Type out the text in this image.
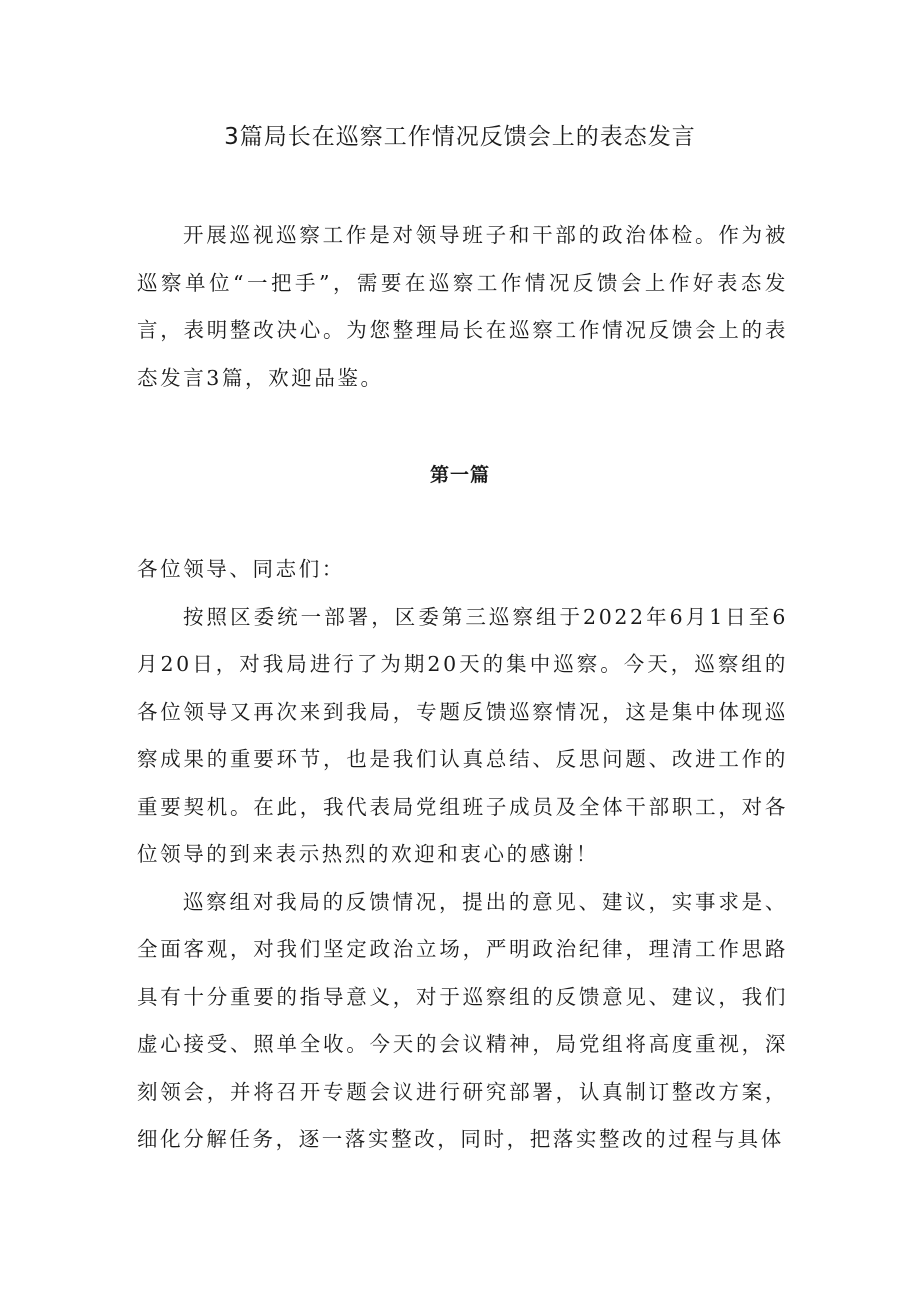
3篇局长在巡察工作情况反馈会上的表态发言

开展巡视巡察工作是对领导班子和干部的政治体检。作为被巡察单位“一把手”，需要在巡察工作情况反馈会上作好表态发言，表明整改决心。为您整理局长在巡察工作情况反馈会上的表态发言3篇，欢迎品鉴。

第一篇

各位领导、同志们：

按照区委统一部署，区委第三巡察组于2022年6月1日至6月20日，对我局进行了为期20天的集中巡察。今天，巡察组的各位领导又再次来到我局，专题反馈巡察情况，这是集中体现巡察成果的重要环节，也是我们认真总结、反思问题、改进工作的重要契机。在此，我代表局党组班子成员及全体干部职工，对各位领导的到来表示热烈的欢迎和衷心的感谢！

巡察组对我局的反馈情况，提出的意见、建议，实事求是、全面客观，对我们坚定政治立场，严明政治纪律，理清工作思路具有十分重要的指导意义，对于巡察组的反馈意见、建议，我们虚心接受、照单全收。今天的会议精神，局党组将高度重视，深刻领会，并将召开专题会议进行研究部署，认真制订整改方案，细化分解任务，逐一落实整改，同时，把落实整改的过程与具体
